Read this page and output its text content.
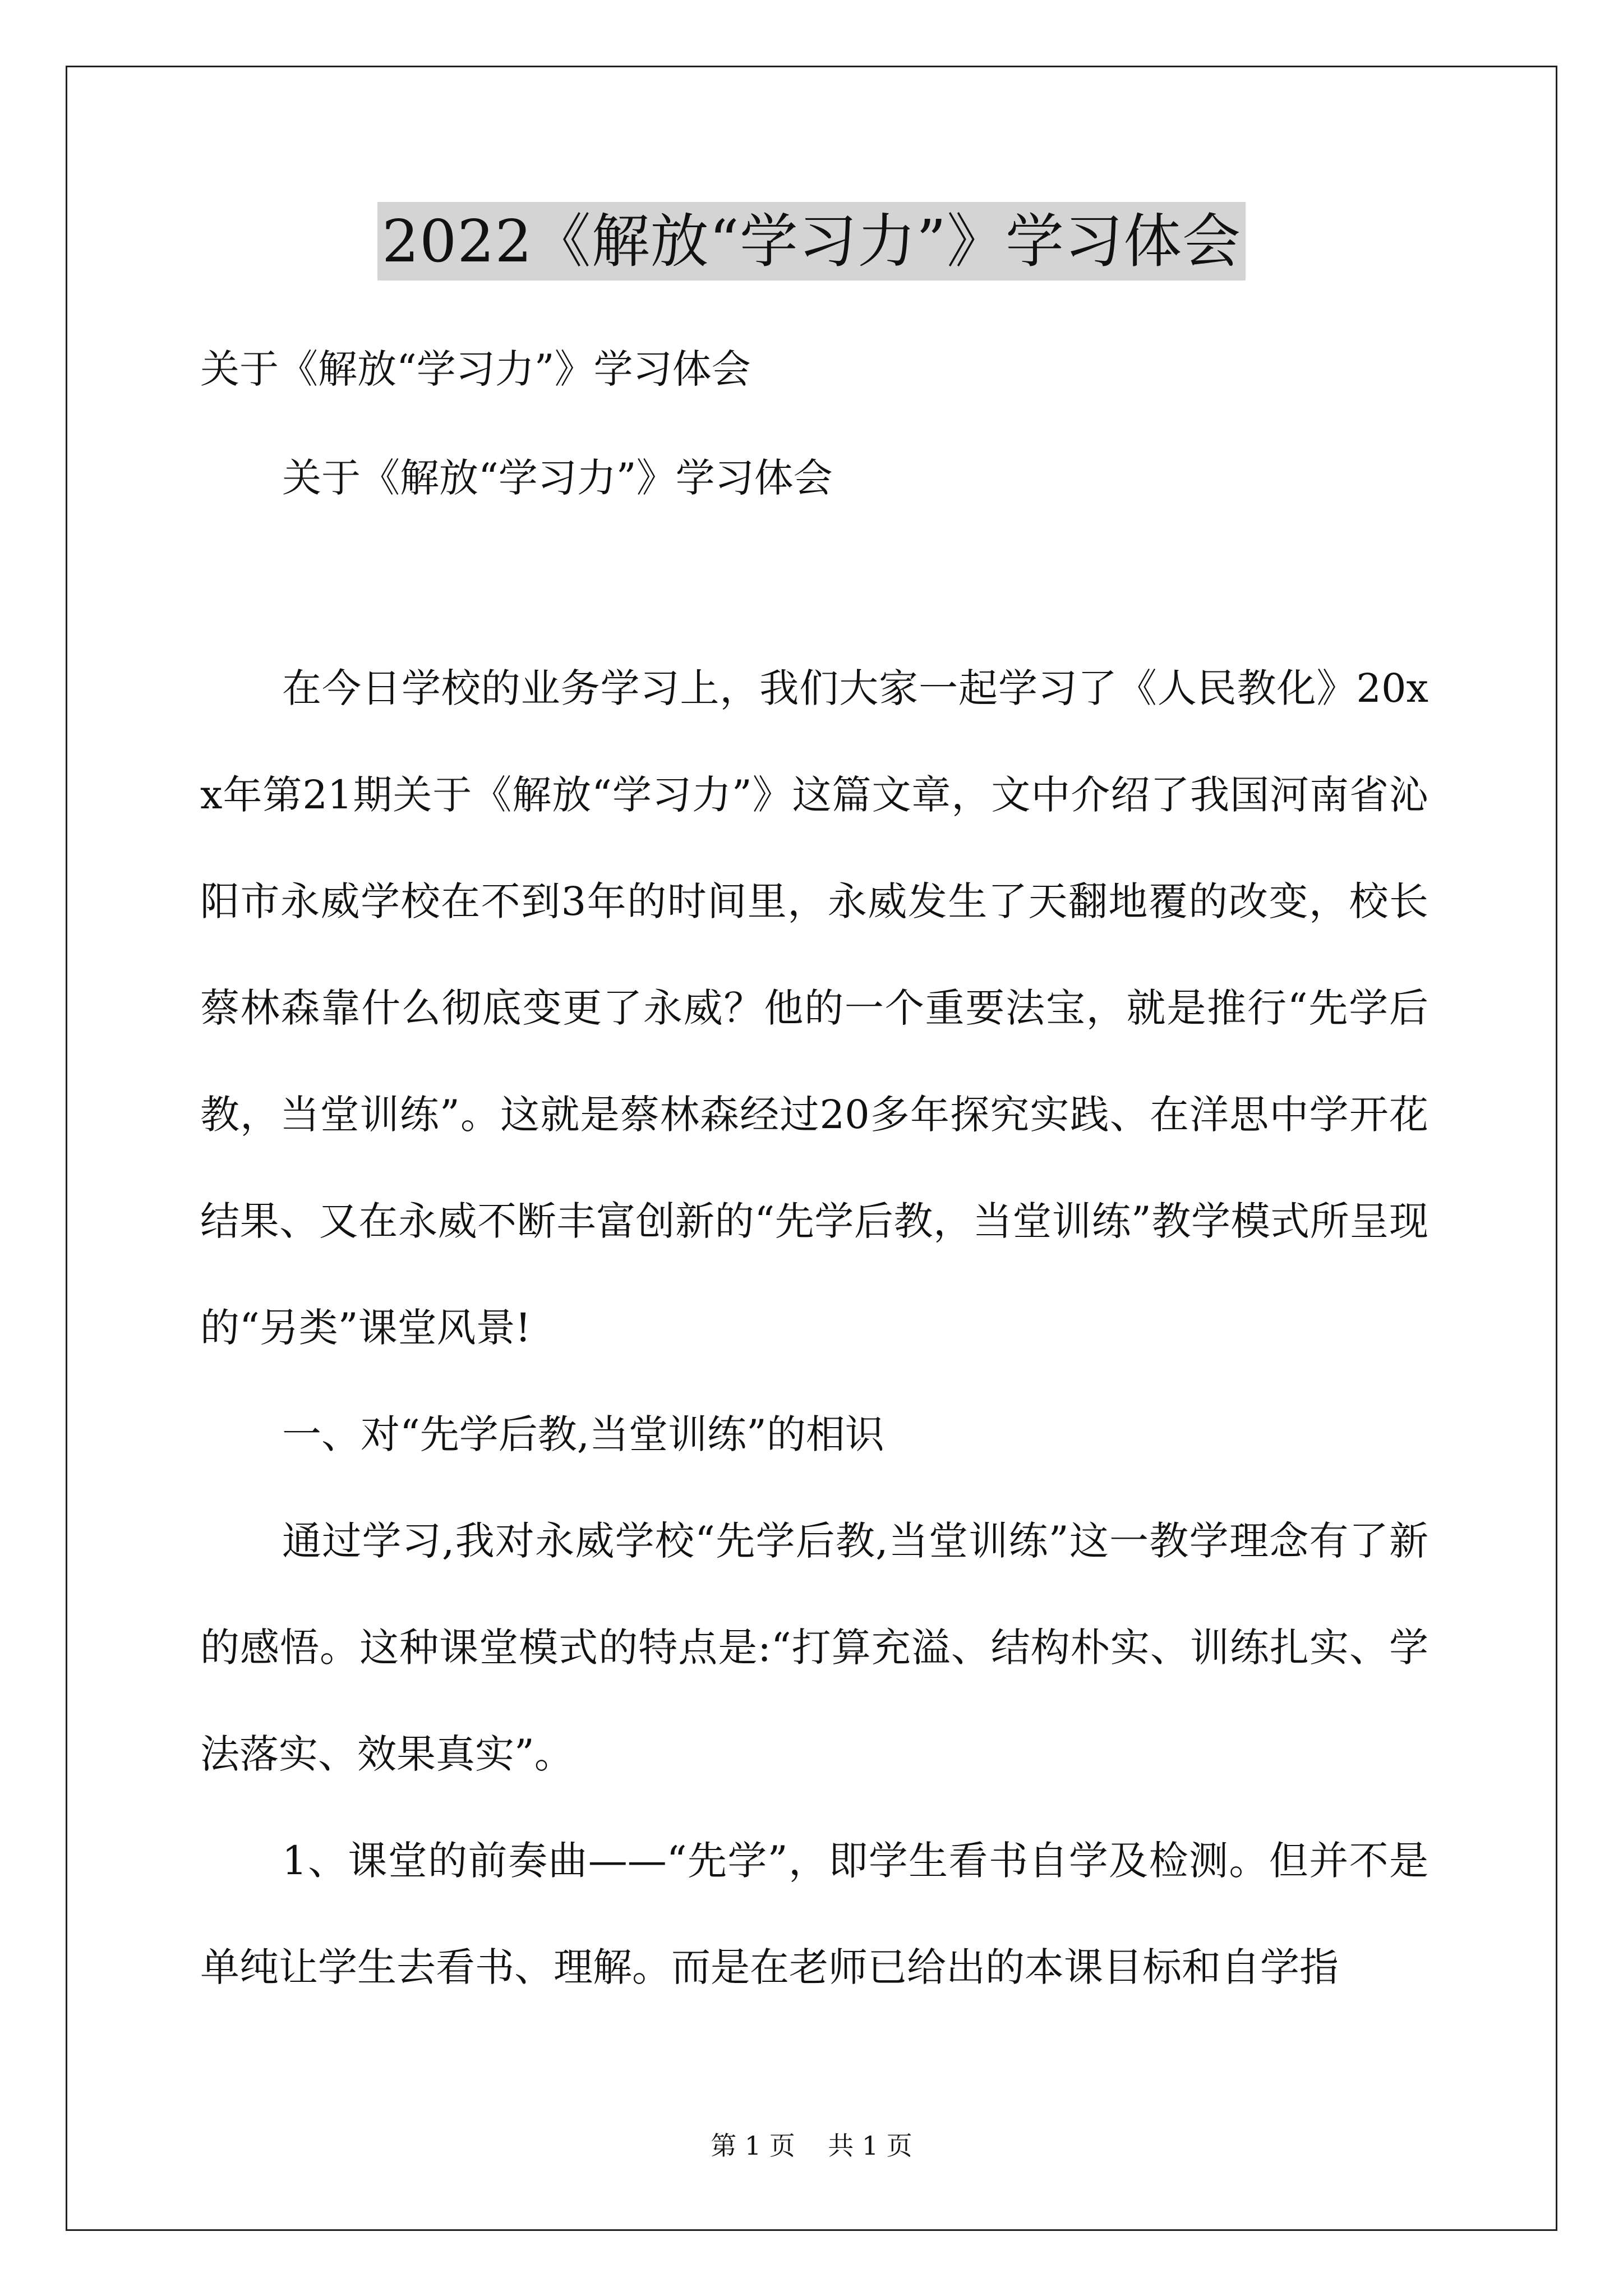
2022《解放“学习力”》学习体会

关于《解放“学习力”》学习体会

关于《解放“学习力”》学习体会

在今日学校的业务学习上，我们大家一起学习了《人民教化》20xx年第21期关于《解放“学习力”》这篇文章，文中介绍了我国河南省沁阳市永威学校在不到3年的时间里，永威发生了天翻地覆的改变，校长蔡林森靠什么彻底变更了永威？他的一个重要法宝，就是推行“先学后教，当堂训练”。这就是蔡林森经过20多年探究实践、在洋思中学开花结果、又在永威不断丰富创新的“先学后教，当堂训练”教学模式所呈现的“另类”课堂风景!

一、对“先学后教,当堂训练”的相识

通过学习,我对永威学校“先学后教,当堂训练”这一教学理念有了新的感悟。这种课堂模式的特点是:“打算充溢、结构朴实、训练扎实、学法落实、效果真实”。

1、课堂的前奏曲——“先学”，即学生看书自学及检测。但并不是单纯让学生去看书、理解。而是在老师已给出的本课目标和自学指

第 1 页    共 1 页
